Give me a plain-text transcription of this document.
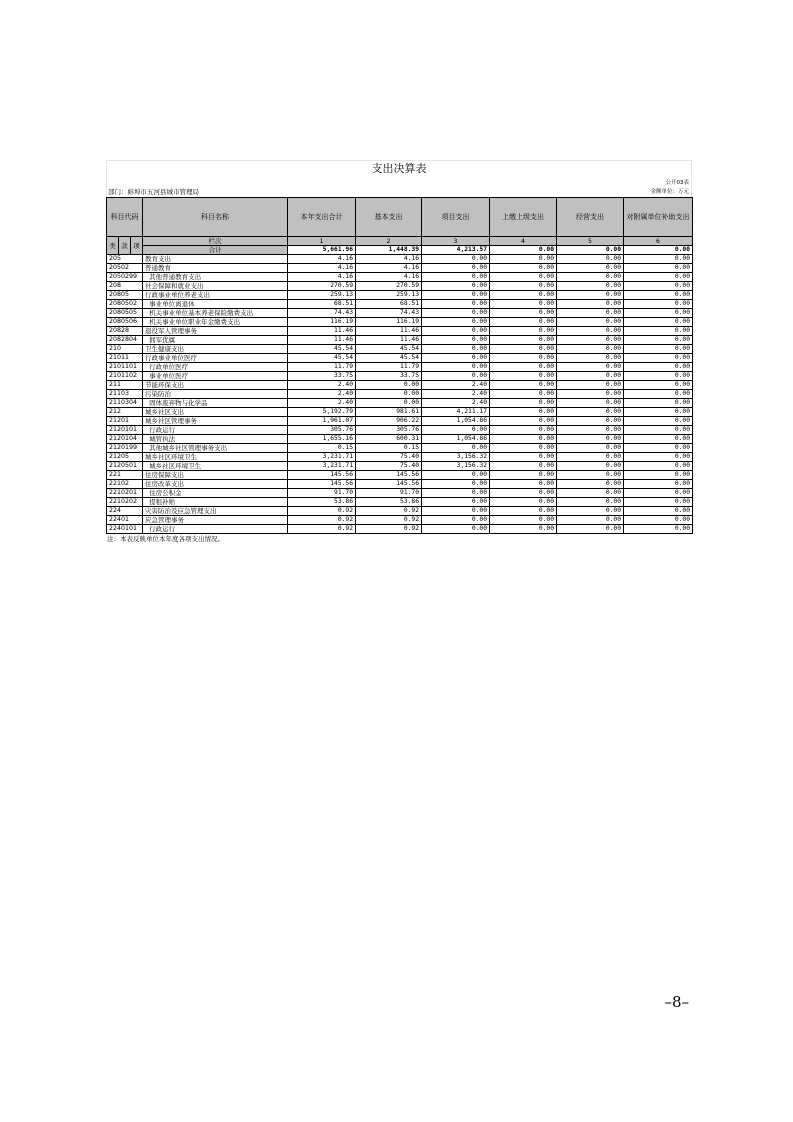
支出决算表
公开03表
金额单位：万元
部门：蚌埠市五河县城市管理局
科目代码			科目名称	本年支出合计	基本支出	项目支出	上缴上级支出	经营支出	对附属单位补助支出
类	款	项	栏次	1	2	3	4	5	6
			合计	5,661.96	1,448.39	4,213.57	0.00	0.00	0.00
205			教育支出	4.16	4.16	0.00	0.00	0.00	0.00
20502			普通教育	4.16	4.16	0.00	0.00	0.00	0.00
2050299			其他普通教育支出	4.16	4.16	0.00	0.00	0.00	0.00
208			社会保障和就业支出	270.59	270.59	0.00	0.00	0.00	0.00
20805			行政事业单位养老支出	259.13	259.13	0.00	0.00	0.00	0.00
2080502			事业单位离退休	68.51	68.51	0.00	0.00	0.00	0.00
2080505			机关事业单位基本养老保险缴费支出	74.43	74.43	0.00	0.00	0.00	0.00
2080506			机关事业单位职业年金缴费支出	116.19	116.19	0.00	0.00	0.00	0.00
20828			退役军人管理事务	11.46	11.46	0.00	0.00	0.00	0.00
2082804			拥军优属	11.46	11.46	0.00	0.00	0.00	0.00
210			卫生健康支出	45.54	45.54	0.00	0.00	0.00	0.00
21011			行政事业单位医疗	45.54	45.54	0.00	0.00	0.00	0.00
2101101			行政单位医疗	11.79	11.79	0.00	0.00	0.00	0.00
2101102			事业单位医疗	33.75	33.75	0.00	0.00	0.00	0.00
211			节能环保支出	2.40	0.00	2.40	0.00	0.00	0.00
21103			污染防治	2.40	0.00	2.40	0.00	0.00	0.00
2110304			固体废弃物与化学品	2.40	0.00	2.40	0.00	0.00	0.00
212			城乡社区支出	5,192.79	981.61	4,211.17	0.00	0.00	0.00
21201			城乡社区管理事务	1,961.07	906.22	1,054.86	0.00	0.00	0.00
2120101			行政运行	305.76	305.76	0.00	0.00	0.00	0.00
2120104			城管执法	1,655.16	600.31	1,054.86	0.00	0.00	0.00
2120199			其他城乡社区管理事务支出	0.15	0.15	0.00	0.00	0.00	0.00
21205			城乡社区环境卫生	3,231.71	75.40	3,156.32	0.00	0.00	0.00
2120501			城乡社区环境卫生	3,231.71	75.40	3,156.32	0.00	0.00	0.00
221			住房保障支出	145.56	145.56	0.00	0.00	0.00	0.00
22102			住房改革支出	145.56	145.56	0.00	0.00	0.00	0.00
2210201			住房公积金	91.70	91.70	0.00	0.00	0.00	0.00
2210202			提租补贴	53.86	53.86	0.00	0.00	0.00	0.00
224			灾害防治及应急管理支出	0.92	0.92	0.00	0.00	0.00	0.00
22401			应急管理事务	0.92	0.92	0.00	0.00	0.00	0.00
2240101			行政运行	0.92	0.92	0.00	0.00	0.00	0.00
注：本表反映单位本年度各项支出情况。
–8–
